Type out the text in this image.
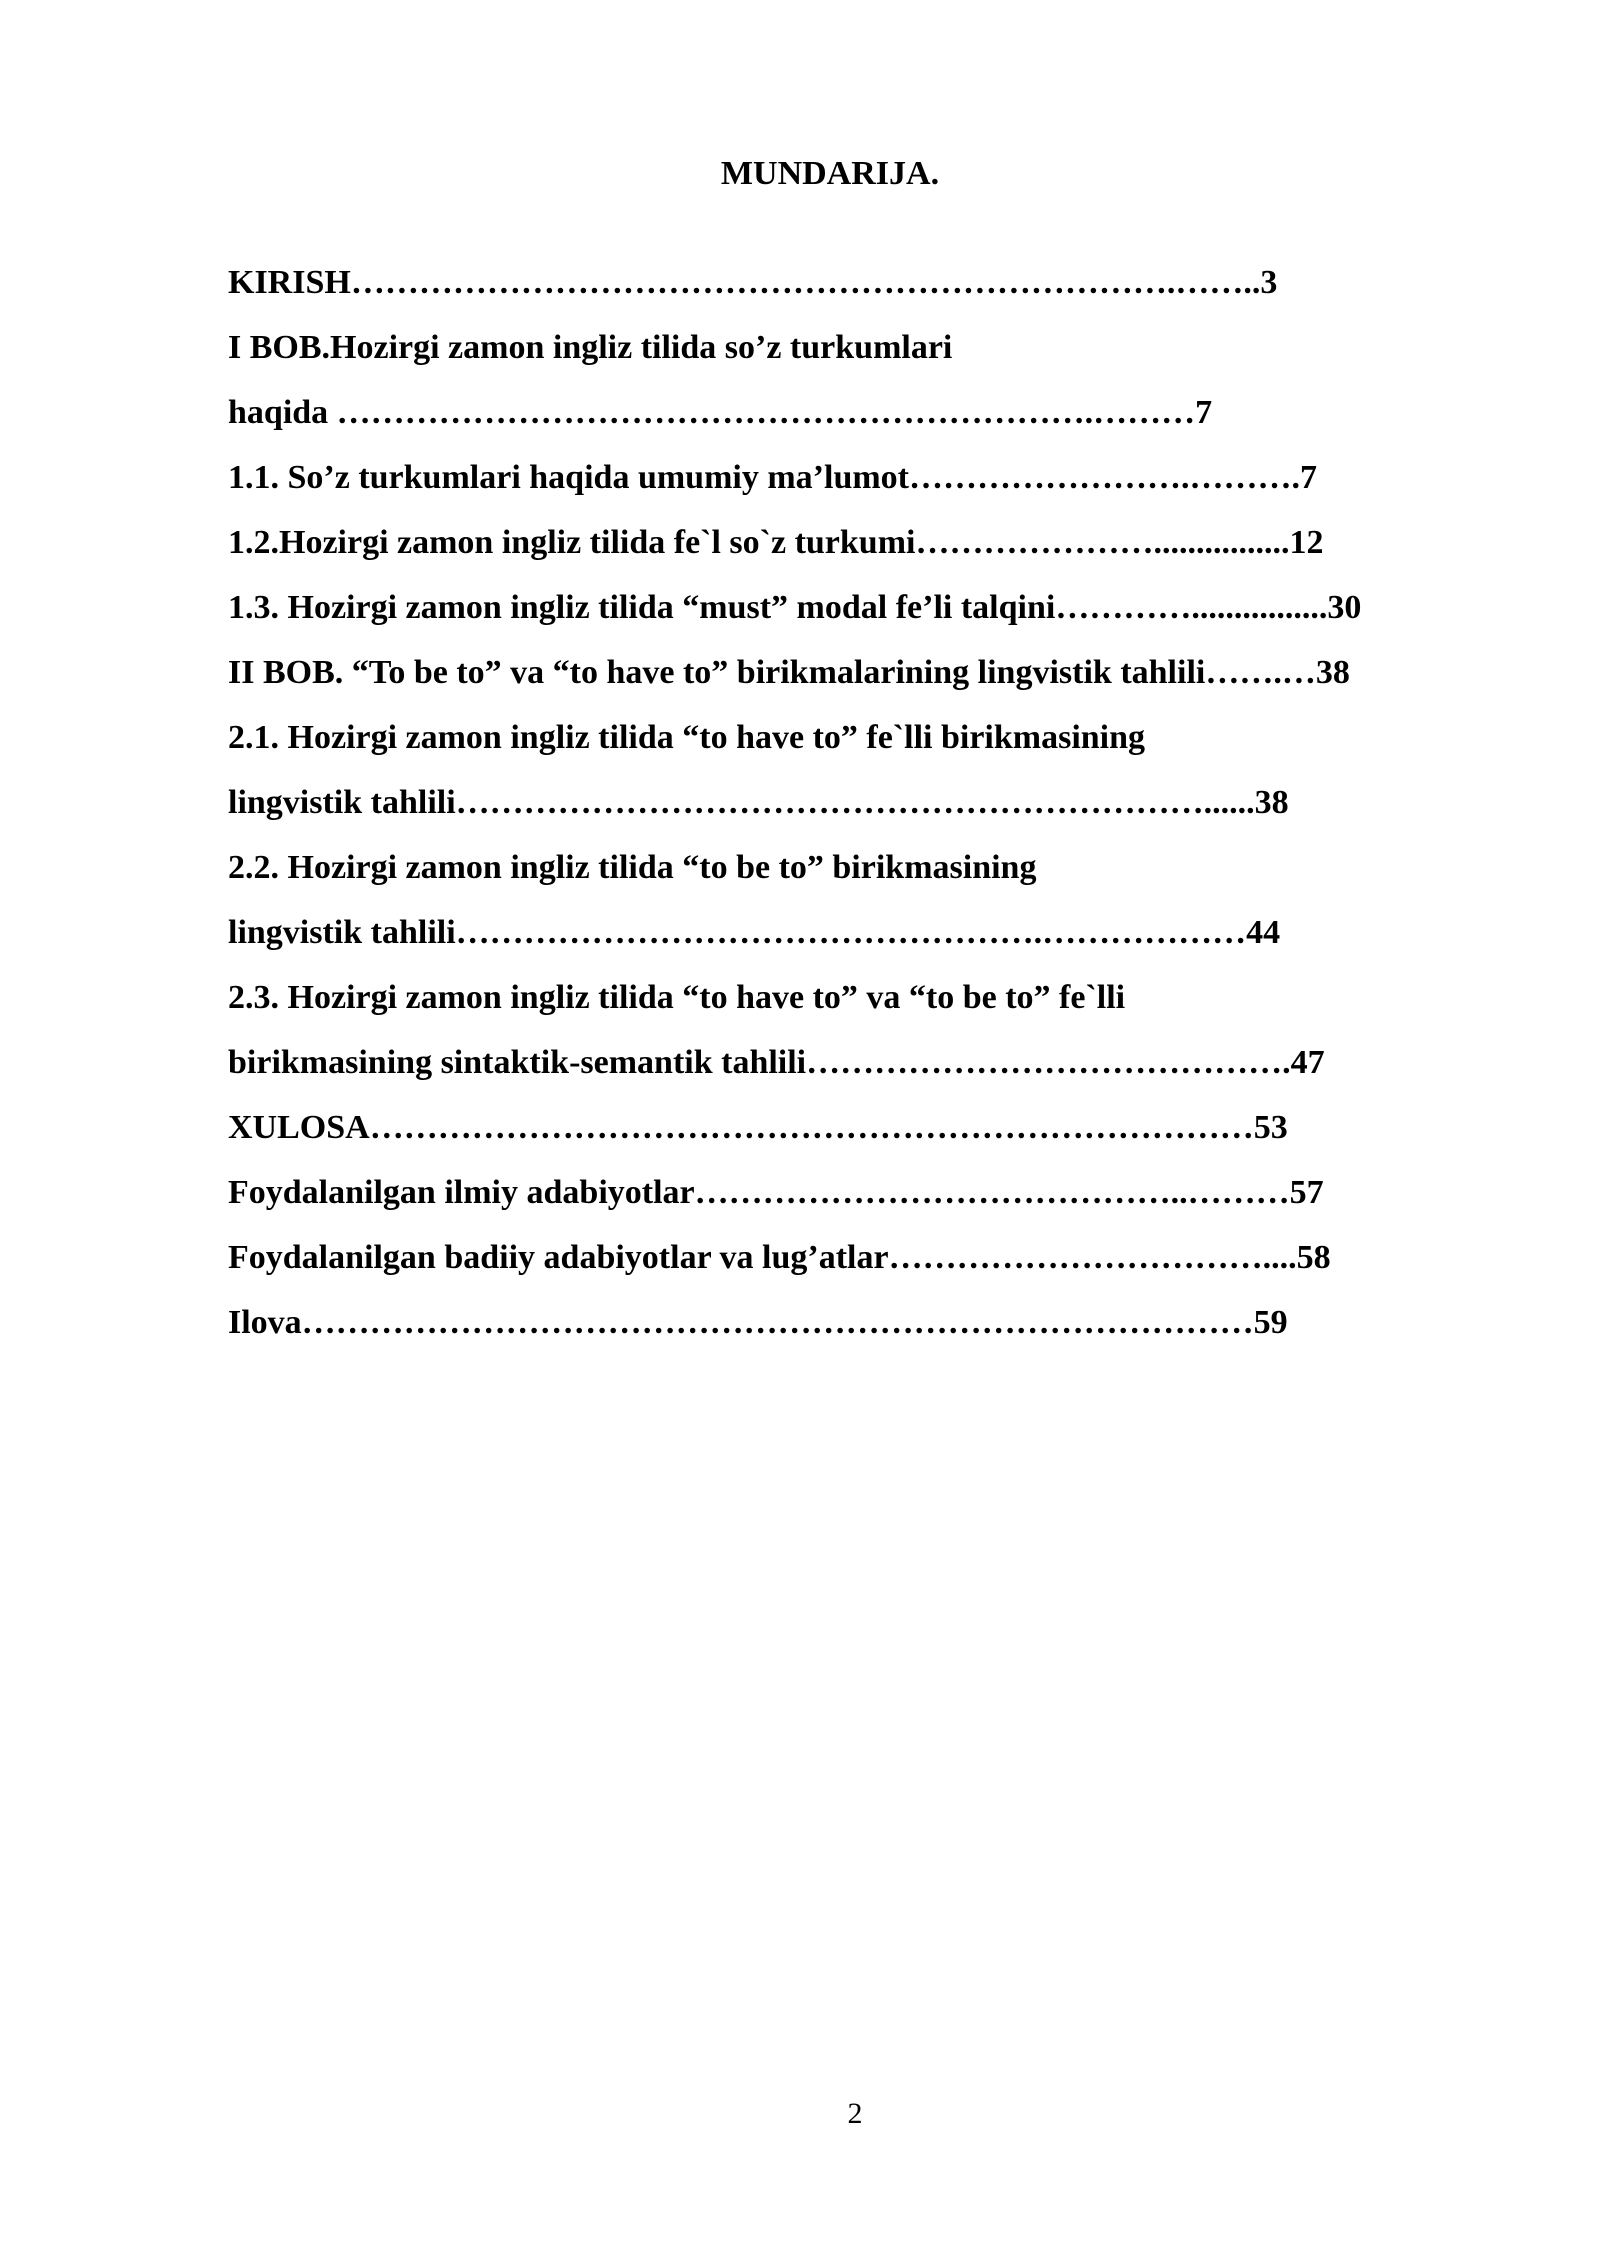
MUNDARIJA.
KIRISH……………………………………………………………….……..3
I BOB.Hozirgi zamon ingliz tilida so’z turkumlari
haqida ………………………………………………………….………7
1.1. So’z turkumlari haqida umumiy ma’lumot…………………….……….7
1.2.Hozirgi zamon ingliz tilida fe`l so`z turkumi…………………................12
1.3. Hozirgi zamon ingliz tilida “must” modal fe’li talqini…………................30
II BOB. “To be to” va “to have to” birikmalarining lingvistik tahlili…….…38
2.1. Hozirgi zamon ingliz tilida “to have to” fe`lli birikmasining
lingvistik tahlili…………………………………………………………......38
2.2. Hozirgi zamon ingliz tilida “to be to” birikmasining
lingvistik tahlili…………………………………………….………………44
2.3. Hozirgi zamon ingliz tilida “to have to” va “to be to” fe`lli
birikmasining sintaktik-semantik tahlili…………………………………….47
XULOSA……………………………………………………………………53
Foydalanilgan ilmiy adabiyotlar……………………………………..………57
Foydalanilgan badiiy adabiyotlar va lug’atlar……………………………....58
Ilova…………………………………………………………………………59
2
